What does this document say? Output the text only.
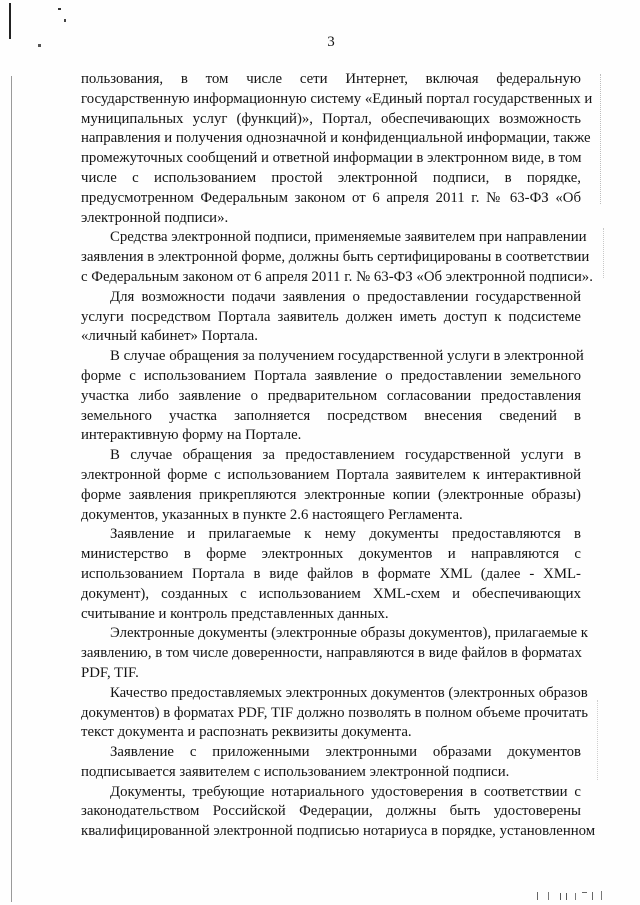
3
пользования, в том числе сети Интернет, включая федеральную
государственную информационную систему «Единый портал государственных и
муниципальных услуг (функций)», Портал, обеспечивающих возможность
направления и получения однозначной и конфиденциальной информации, также
промежуточных сообщений и ответной информации в электронном виде, в том
числе с использованием простой электронной подписи, в порядке,
предусмотренном Федеральным законом от 6 апреля 2011 г. № 63-ФЗ «Об
электронной подписи».
Средства электронной подписи, применяемые заявителем при направлении
заявления в электронной форме, должны быть сертифицированы в соответствии
с Федеральным законом от 6 апреля 2011 г. № 63-ФЗ «Об электронной подписи».
Для возможности подачи заявления о предоставлении государственной
услуги посредством Портала заявитель должен иметь доступ к подсистеме
«личный кабинет» Портала.
В случае обращения за получением государственной услуги в электронной
форме с использованием Портала заявление о предоставлении земельного
участка либо заявление о предварительном согласовании предоставления
земельного участка заполняется посредством внесения сведений в
интерактивную форму на Портале.
В случае обращения за предоставлением государственной услуги в
электронной форме с использованием Портала заявителем к интерактивной
форме заявления прикрепляются электронные копии (электронные образы)
документов, указанных в пункте 2.6 настоящего Регламента.
Заявление и прилагаемые к нему документы предоставляются в
министерство в форме электронных документов и направляются с
использованием Портала в виде файлов в формате XML (далее - XML-
документ), созданных с использованием XML-схем и обеспечивающих
считывание и контроль представленных данных.
Электронные документы (электронные образы документов), прилагаемые к
заявлению, в том числе доверенности, направляются в виде файлов в форматах
PDF, TIF.
Качество предоставляемых электронных документов (электронных образов
документов) в форматах PDF, TIF должно позволять в полном объеме прочитать
текст документа и распознать реквизиты документа.
Заявление с приложенными электронными образами документов
подписывается заявителем с использованием электронной подписи.
Документы, требующие нотариального удостоверения в соответствии с
законодательством Российской Федерации, должны быть удостоверены
квалифицированной электронной подписью нотариуса в порядке, установленном
